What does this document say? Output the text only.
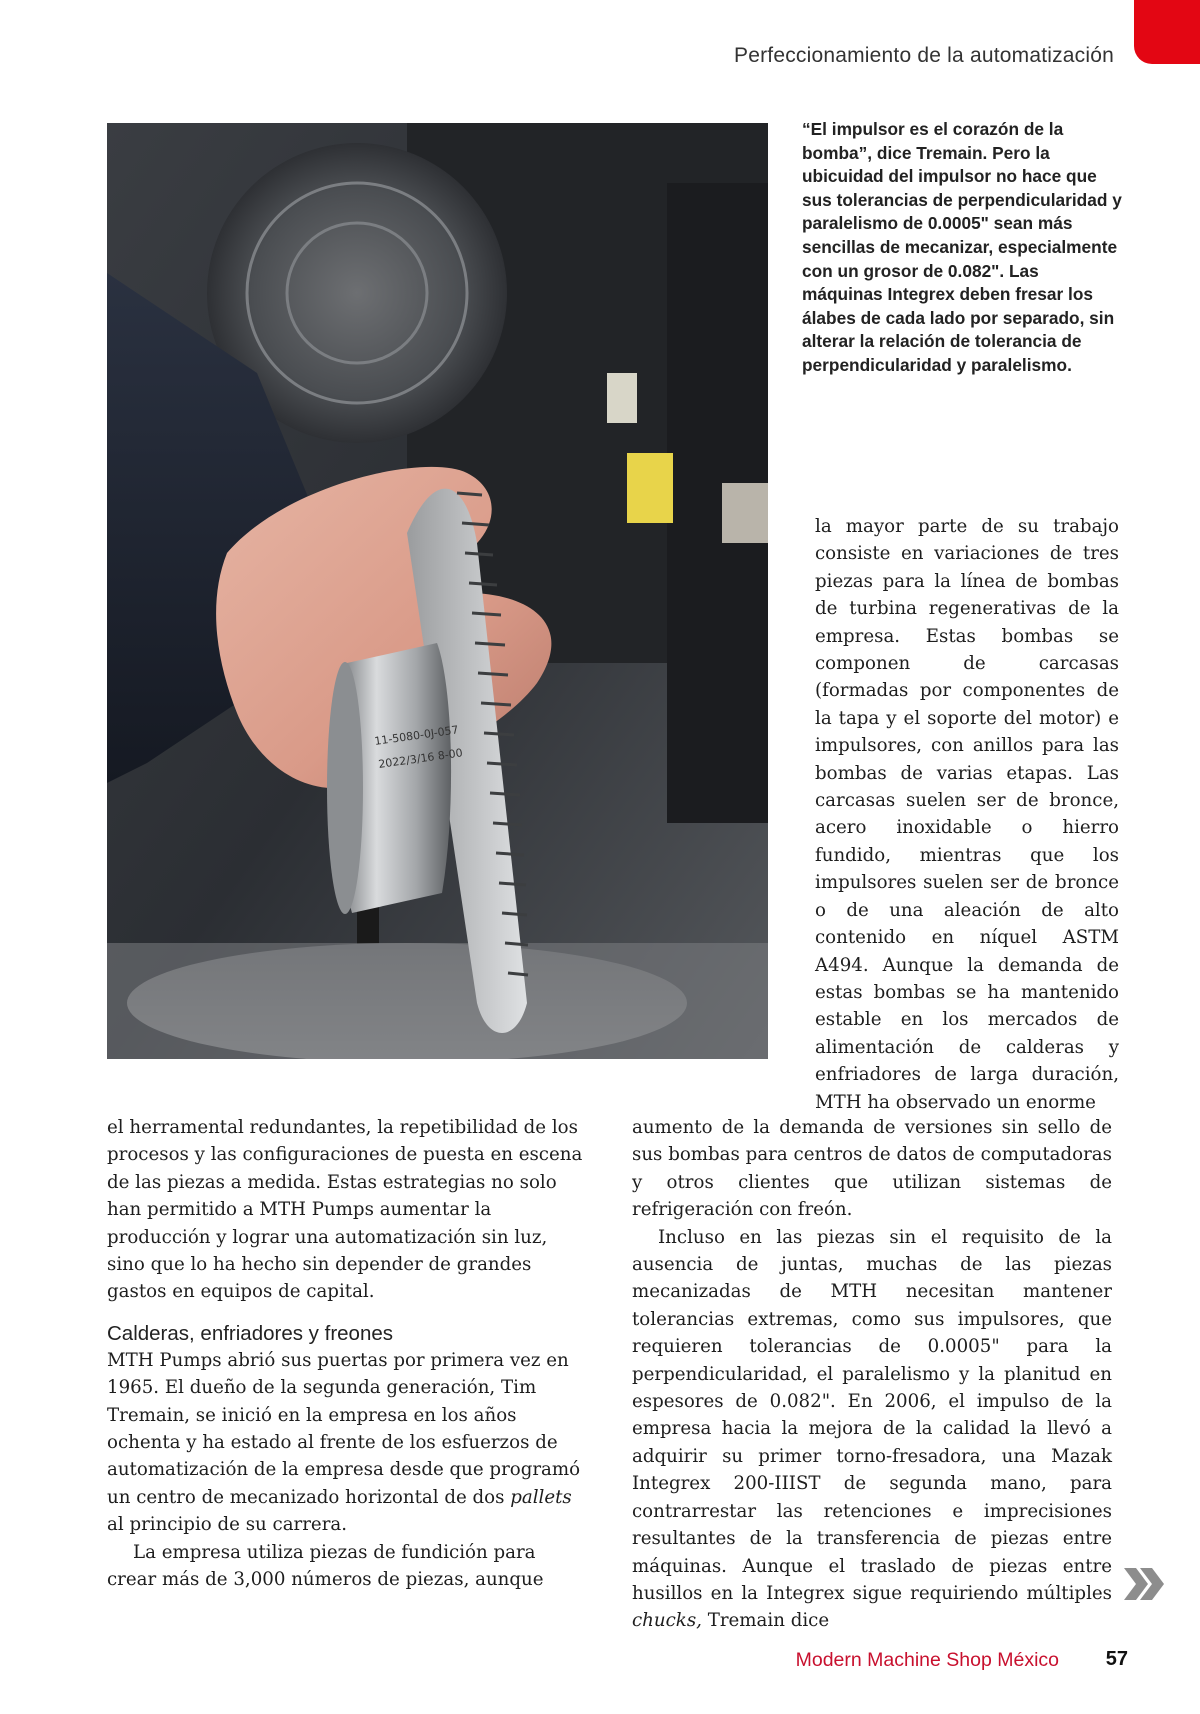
Perfeccionamiento de la automatización
11-5080-0J-057
2022/3/16 8-00
“El impulsor es el corazón de la bomba”, dice Tremain. Pero la ubicuidad del impulsor no hace que sus tolerancias de perpendicularidad y paralelismo de 0.0005" sean más sencillas de mecanizar, especialmente con un grosor de 0.082". Las máquinas Integrex deben fresar los álabes de cada lado por separado, sin alterar la relación de tolerancia de perpendicularidad y paralelismo.

la mayor parte de su trabajo consiste en variaciones de tres piezas para la línea de bombas de turbina regenerativas de la empresa. Estas bombas se componen de carcasas (formadas por componentes de la tapa y el soporte del motor) e impulsores, con anillos para las bombas de varias etapas. Las carcasas suelen ser de bronce, acero inoxidable o hierro fundido, mientras que los impulsores suelen ser de bronce o de una aleación de alto contenido en níquel ASTM A494. Aunque la demanda de estas bombas se ha mantenido estable en los mercados de alimentación de calderas y enfriadores de larga duración, MTH ha observado un enorme

el herramental redundantes, la repetibilidad de los procesos y las configuraciones de puesta en escena de las piezas a medida. Estas estrategias no solo han permitido a MTH Pumps aumentar la producción y lograr una automatización sin luz, sino que lo ha hecho sin depender de grandes gastos en equipos de capital.

Calderas, enfriadores y freones

MTH Pumps abrió sus puertas por primera vez en 1965. El dueño de la segunda generación, Tim Tremain, se inició en la empresa en los años ochenta y ha estado al frente de los esfuerzos de automatización de la empresa desde que programó un centro de mecanizado horizontal de dos pallets al principio de su carrera.

La empresa utiliza piezas de fundición para crear más de 3,000 números de piezas, aunque

aumento de la demanda de versiones sin sello de sus bombas para centros de datos de computadoras y otros clientes que utilizan sistemas de refrigeración con freón.

Incluso en las piezas sin el requisito de la ausencia de juntas, muchas de las piezas mecanizadas de MTH necesitan mantener tolerancias extremas, como sus impulsores, que requieren tolerancias de 0.0005" para la perpendicularidad, el paralelismo y la planitud en espesores de 0.082". En 2006, el impulso de la empresa hacia la mejora de la calidad la llevó a adquirir su primer torno-fresadora, una Mazak Integrex 200-IIIST de segunda mano, para contrarrestar las retenciones e imprecisiones resultantes de la transferencia de piezas entre máquinas. Aunque el traslado de piezas entre husillos en la Integrex sigue requiriendo múltiples chucks, Tremain dice

Modern Machine Shop México 57
